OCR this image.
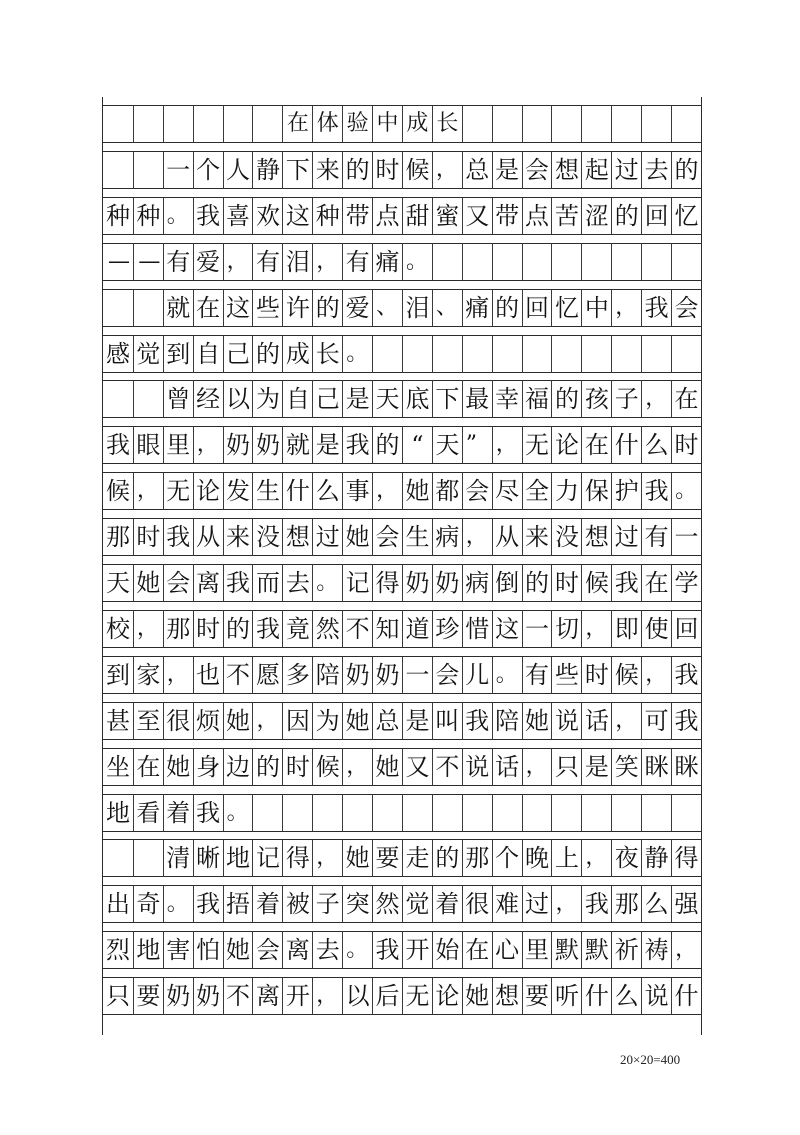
在 体 验 中 成 长
一 个 人 静 下 来 的 时 候 ， 总 是 会 想 起 过 去 的
种 种 。 我 喜 欢 这 种 带 点 甜 蜜 又 带 点 苦 涩 的 回 忆
— — 有 爱 ， 有 泪 ， 有 痛 。
就 在 这 些 许 的 爱 、 泪 、 痛 的 回 忆 中 ， 我 会
感 觉 到 自 己 的 成 长 。
曾 经 以 为 自 己 是 天 底 下 最 幸 福 的 孩 子 ， 在
我 眼 里 ， 奶 奶 就 是 我 的 “ 天 ” ， 无 论 在 什 么 时
候 ， 无 论 发 生 什 么 事 ， 她 都 会 尽 全 力 保 护 我 。
那 时 我 从 来 没 想 过 她 会 生 病 ， 从 来 没 想 过 有 一
天 她 会 离 我 而 去 。 记 得 奶 奶 病 倒 的 时 候 我 在 学
校 ， 那 时 的 我 竟 然 不 知 道 珍 惜 这 一 切 ， 即 使 回
到 家 ， 也 不 愿 多 陪 奶 奶 一 会 儿 。 有 些 时 候 ， 我
甚 至 很 烦 她 ， 因 为 她 总 是 叫 我 陪 她 说 话 ， 可 我
坐 在 她 身 边 的 时 候 ， 她 又 不 说 话 ， 只 是 笑 眯 眯
地 看 着 我 。
清 晰 地 记 得 ， 她 要 走 的 那 个 晚 上 ， 夜 静 得
出 奇 。 我 捂 着 被 子 突 然 觉 着 很 难 过 ， 我 那 么 强
烈 地 害 怕 她 会 离 去 。 我 开 始 在 心 里 默 默 祈 祷 ，
只 要 奶 奶 不 离 开 ， 以 后 无 论 她 想 要 听 什 么 说 什
20×20=400
